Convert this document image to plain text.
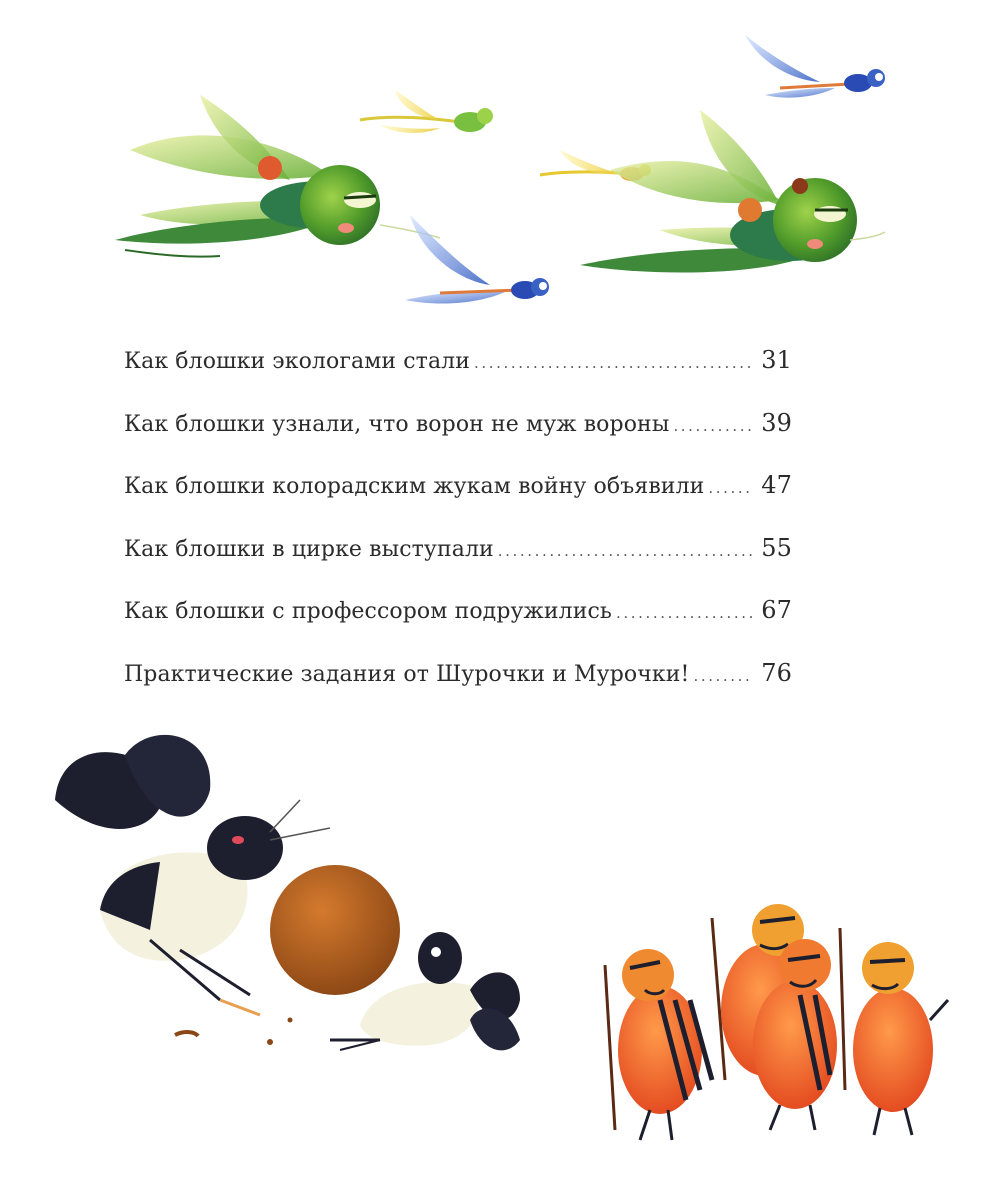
Как блошки экологами стали .....	31
Как блошки узнали, что ворон не муж вороны .....	39
Как блошки колорадским жукам войну объявили ..... 47
Как блошки в цирке выступали .....	55
Как блошки с профессором подружились .....	67
Практические задания от Шурочки и Мурочки! .....	76
